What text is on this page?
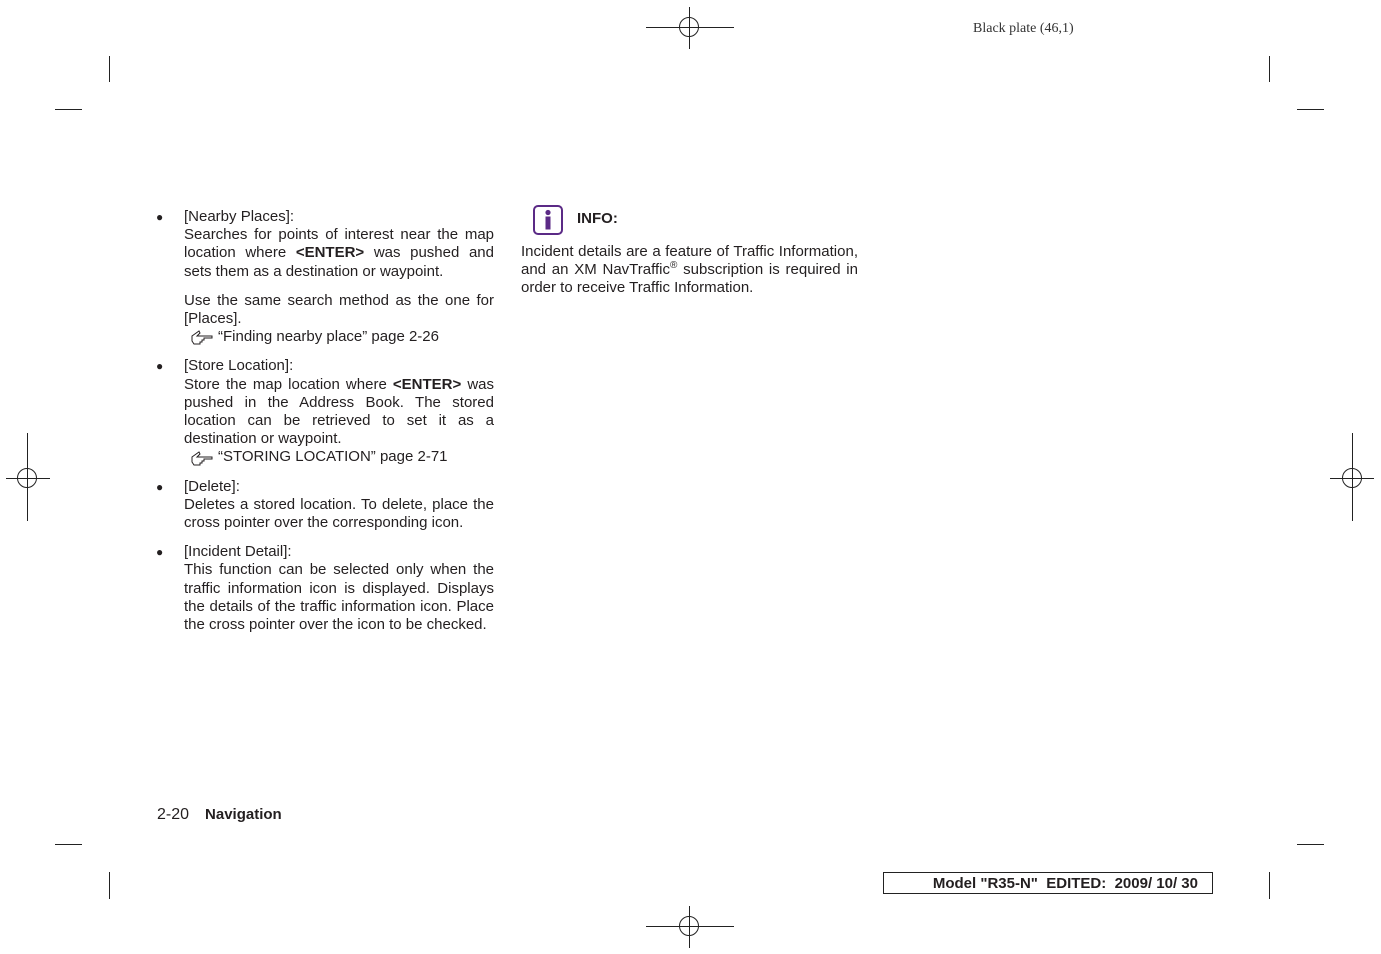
Black plate (46,1)
● [Nearby Places]:
Searches for points of interest near the map location where <ENTER> was pushed and sets them as a destination or waypoint.
Use the same search method as the one for [Places].
“Finding nearby place” page 2-26
● [Store Location]:
Store the map location where <ENTER> was pushed in the Address Book. The stored location can be retrieved to set it as a destination or waypoint.
“STORING LOCATION” page 2-71
● [Delete]:
Deletes a stored location. To delete, place the cross pointer over the corresponding icon.
● [Incident Detail]:
This function can be selected only when the traffic information icon is displayed. Displays the details of the traffic information icon. Place the cross pointer over the icon to be checked.
INFO:
Incident details are a feature of Traffic Information, and an XM NavTraffic® subscription is required in order to receive Traffic Information.
2-20 Navigation
Model "R35-N" EDITED: 2009/ 10/ 30
